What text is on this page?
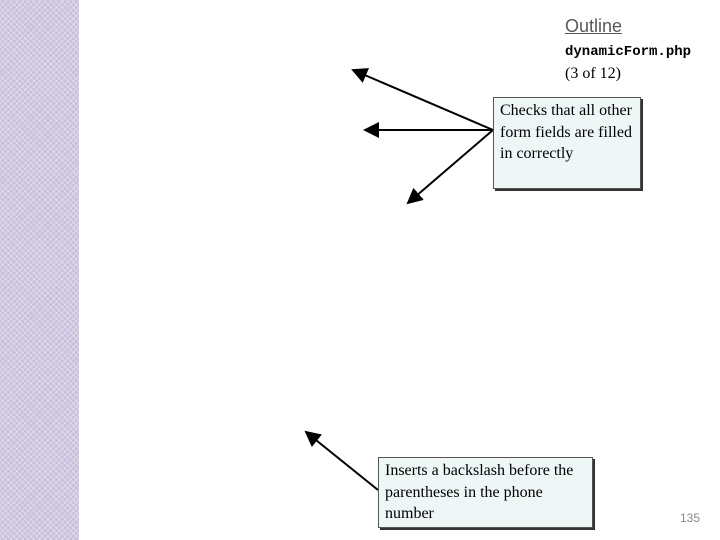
Outline
dynamicForm.php
(3 of 12)
Checks that all other form fields are filled in correctly
Inserts a backslash before the parentheses in the phone number	135
